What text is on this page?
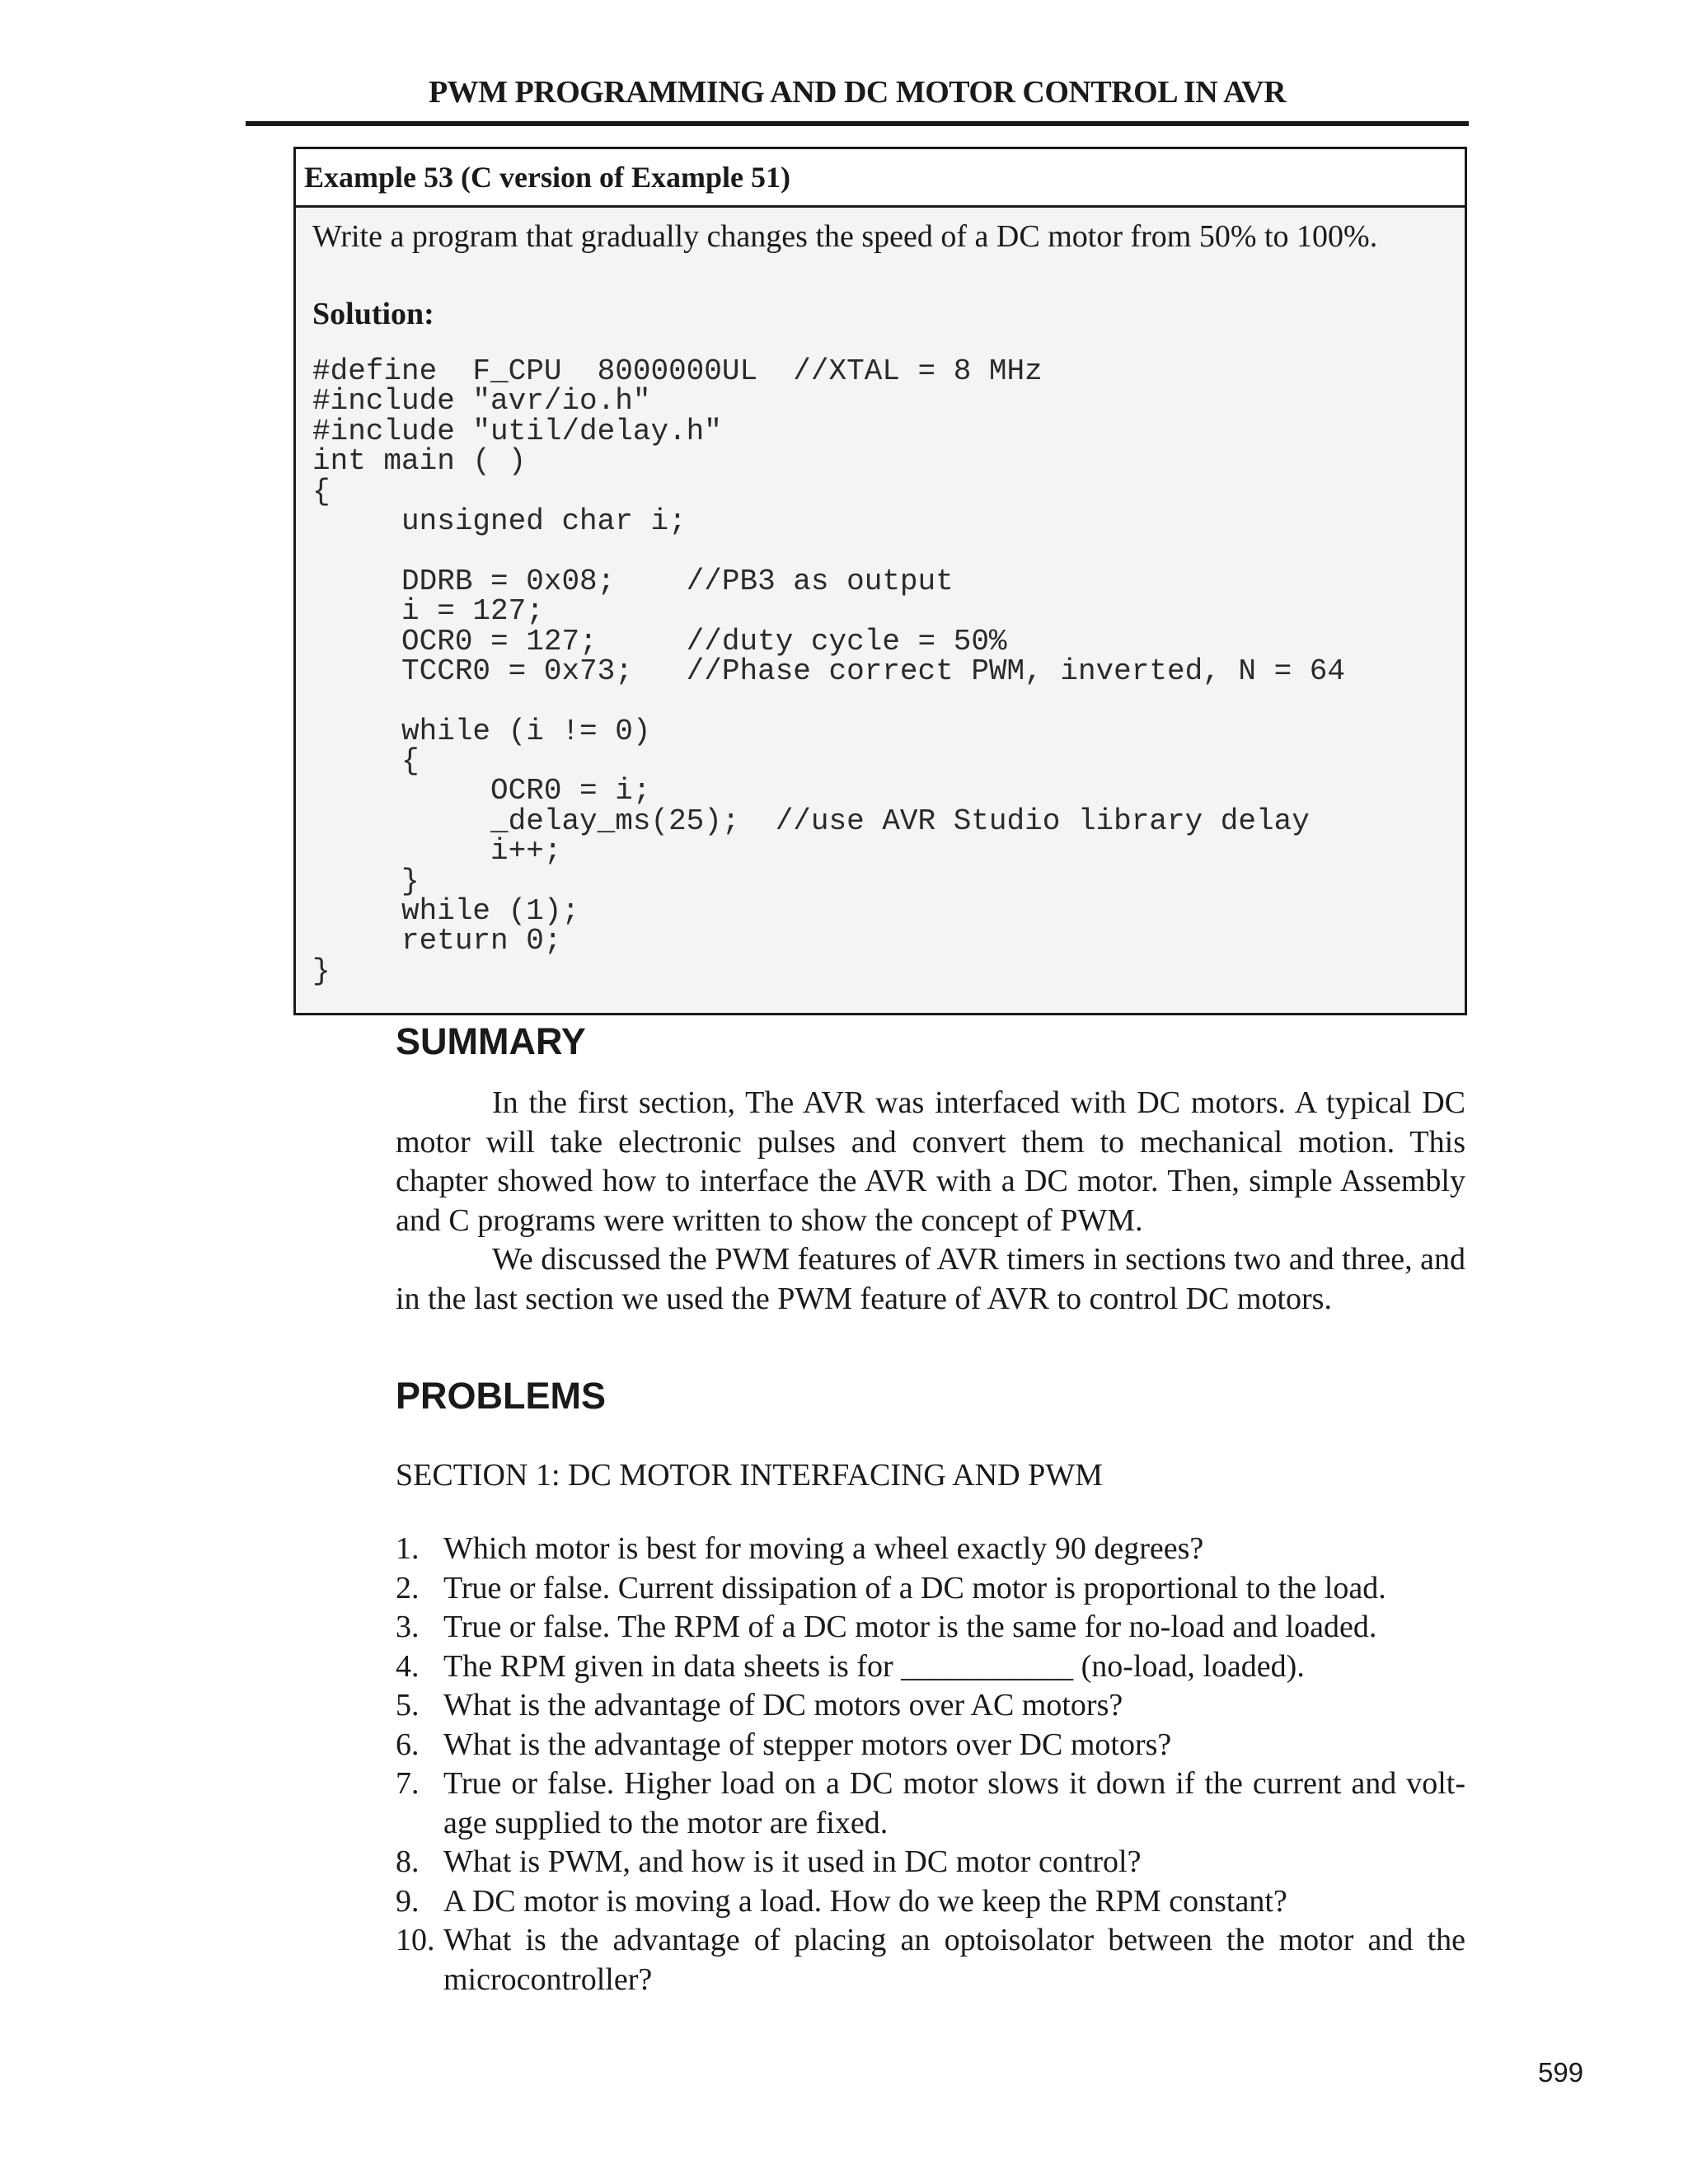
PWM PROGRAMMING AND DC MOTOR CONTROL IN AVR
Example 53 (C version of Example 51)
Write a program that gradually changes the speed of a DC motor from 50% to 100%.
Solution:
#define  F_CPU  8000000UL  //XTAL = 8 MHz
#include "avr/io.h"
#include "util/delay.h"
int main ( )
{
unsigned char i;
DDRB = 0x08;    //PB3 as output
i = 127;
OCR0 = 127;     //duty cycle = 50%
TCCR0 = 0x73;   //Phase correct PWM, inverted, N = 64
while (i != 0)
{
OCR0 = i;
_delay_ms(25);  //use AVR Studio library delay
i++;
}
while (1);
return 0;
}
SUMMARY

In the first section, The AVR was interfaced with DC motors. A typical DC motor will take electronic pulses and convert them to mechanical motion. This chapter showed how to interface the AVR with a DC motor. Then, simple Assembly and C programs were written to show the concept of PWM.

We discussed the PWM features of AVR timers in sections two and three, and in the last section we used the PWM feature of AVR to control DC motors.

PROBLEMS
SECTION 1: DC MOTOR INTERFACING AND PWM
1. Which motor is best for moving a wheel exactly 90 degrees?
2. True or false. Current dissipation of a DC motor is proportional to the load.
3. True or false. The RPM of a DC motor is the same for no-load and loaded.
4. The RPM given in data sheets is for ___________ (no-load, loaded).
5. What is the advantage of DC motors over AC motors?
6. What is the advantage of stepper motors over DC motors?
7. True or false. Higher load on a DC motor slows it down if the current and volt-age supplied to the motor are fixed.
8. What is PWM, and how is it used in DC motor control?
9. A DC motor is moving a load. How do we keep the RPM constant?
10. What is the advantage of placing an optoisolator between the motor and the microcontroller?
599
